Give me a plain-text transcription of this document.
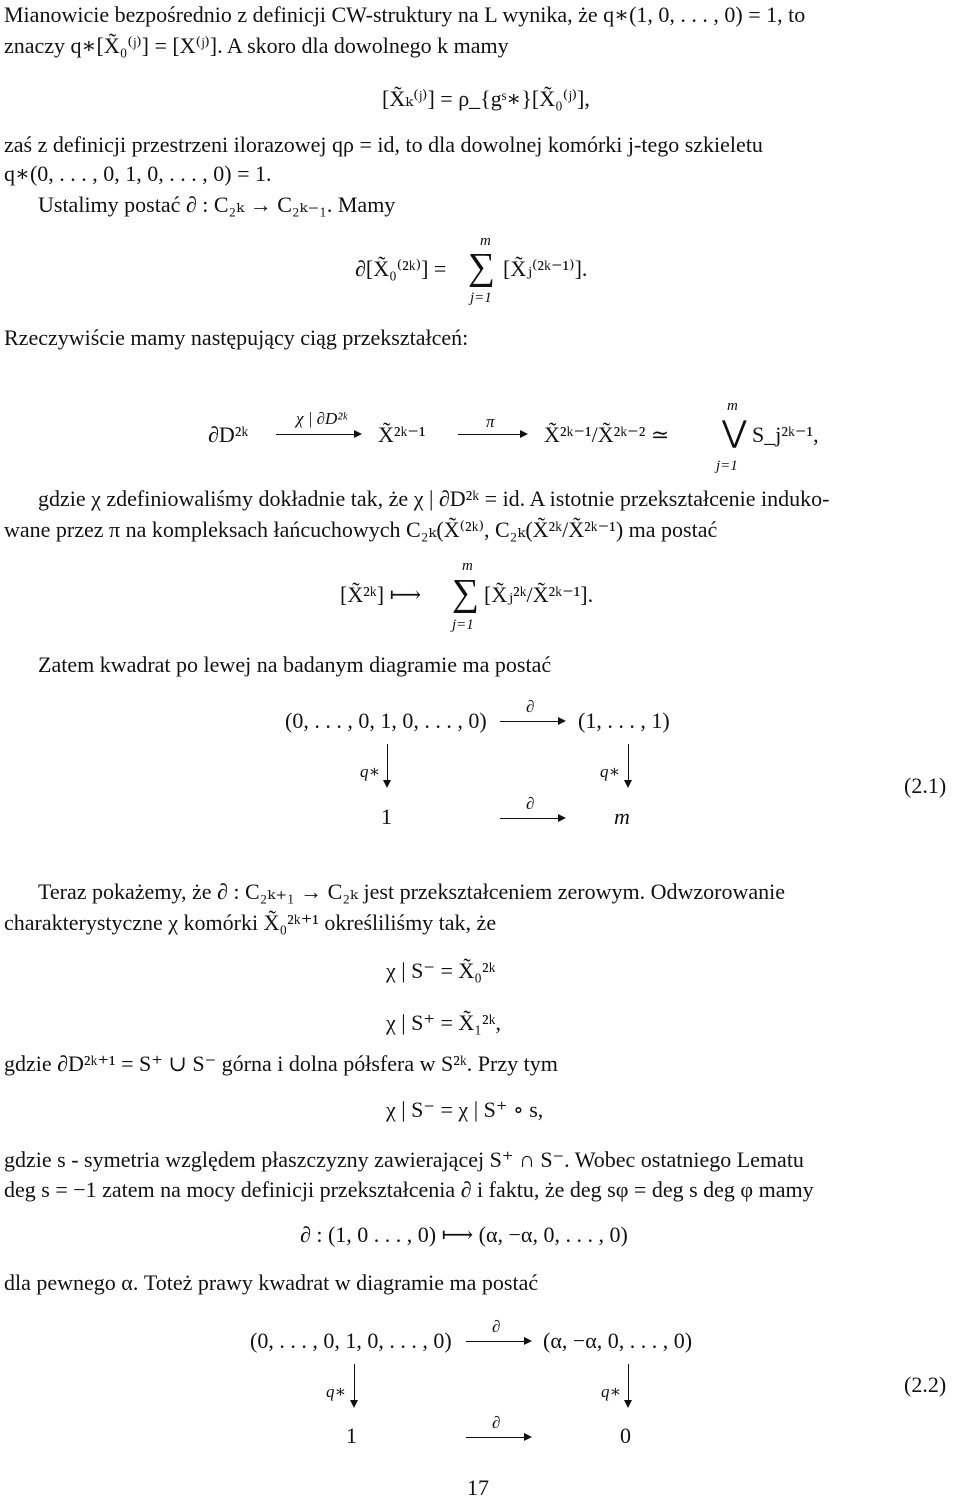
Mianowicie bezpośrednio z definicji CW-struktury na L wynika, że q∗(1, 0, . . . , 0) = 1, to
znaczy q∗[X̃₀⁽ʲ⁾] = [X⁽ʲ⁾]. A skoro dla dowolnego k mamy
[X̃ₖ⁽ʲ⁾] = ρ_{gˢ∗}[X̃₀⁽ʲ⁾],
zaś z definicji przestrzeni ilorazowej qρ = id, to dla dowolnej komórki j-tego szkieletu
q∗(0, . . . , 0, 1, 0, . . . , 0) = 1.
Ustalimy postać ∂ : C₂ₖ → C₂ₖ₋₁. Mamy
∂[X̃₀⁽²ᵏ⁾] = ∑
m
j=1
[X̃ⱼ⁽²ᵏ⁻¹⁾].
Rzeczywiście mamy następujący ciąg przekształceń:
∂D²ᵏ
χ | ∂D²ᵏ
X̃²ᵏ⁻¹
π
X̃²ᵏ⁻¹/X̃²ᵏ⁻² ≃ ⋁
m
j=1
S_j²ᵏ⁻¹,
gdzie χ zdefiniowaliśmy dokładnie tak, że χ | ∂D²ᵏ = id. A istotnie przekształcenie induko-
wane przez π na kompleksach łańcuchowych C₂ₖ(X̃⁽²ᵏ⁾, C₂ₖ(X̃²ᵏ/X̃²ᵏ⁻¹) ma postać
[X̃²ᵏ] ⟼ ∑
m
j=1
[X̃ⱼ²ᵏ/X̃²ᵏ⁻¹].
Zatem kwadrat po lewej na badanym diagramie ma postać
(0, . . . , 0, 1, 0, . . . , 0)
∂
(1, . . . , 1)
q∗	q∗
1
∂
m
(2.1)
Teraz pokażemy, że ∂ : C₂ₖ₊₁ → C₂ₖ jest przekształceniem zerowym. Odwzorowanie
charakterystyczne χ komórki X̃₀²ᵏ⁺¹ określiliśmy tak, że
χ | S⁻ = X̃₀²ᵏ
χ | S⁺ = X̃₁²ᵏ,
gdzie ∂D²ᵏ⁺¹ = S⁺ ∪ S⁻ górna i dolna półsfera w S²ᵏ. Przy tym
χ | S⁻ = χ | S⁺ ∘ s,
gdzie s - symetria względem płaszczyzny zawierającej S⁺ ∩ S⁻. Wobec ostatniego Lematu
deg s = −1 zatem na mocy definicji przekształcenia ∂ i faktu, że deg sφ = deg s deg φ mamy
∂ : (1, 0 . . . , 0) ⟼ (α, −α, 0, . . . , 0)
dla pewnego α. Toteż prawy kwadrat w diagramie ma postać
(0, . . . , 0, 1, 0, . . . , 0)
∂
(α, −α, 0, . . . , 0)
q∗	q∗
1
∂
0
(2.2)
17
